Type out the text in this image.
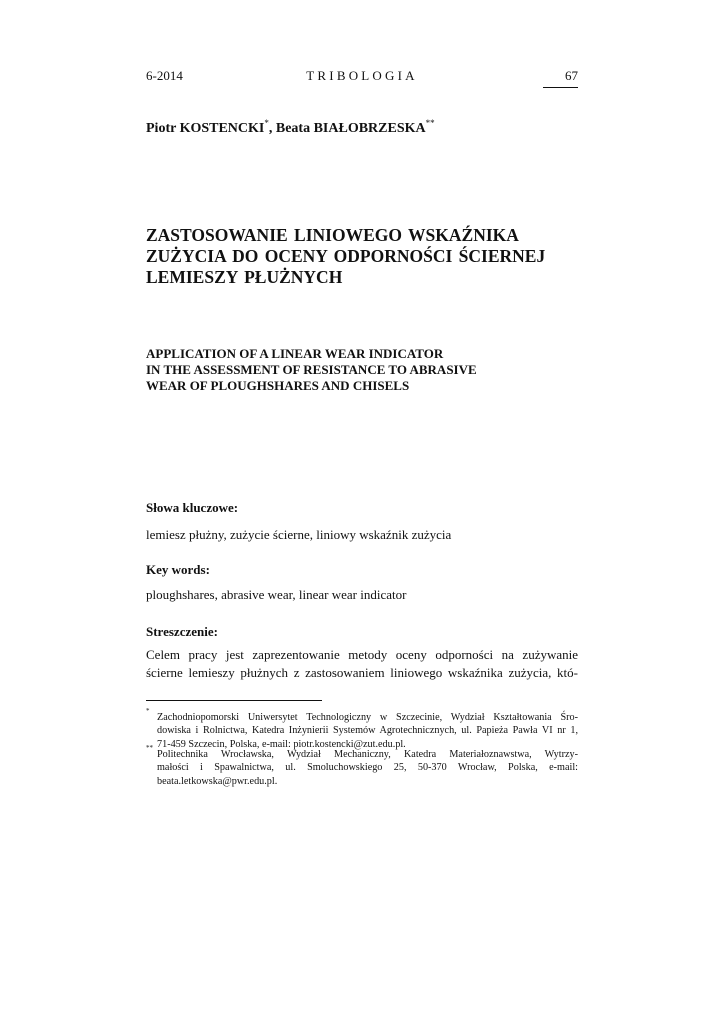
6-2014	TRIBOLOGIA	67
Piotr KOSTENCKI*, Beata BIAŁOBRZESKA**
ZASTOSOWANIE LINIOWEGO WSKAŹNIKA
ZUŻYCIA DO OCENY ODPORNOŚCI ŚCIERNEJ
LEMIESZY PŁUŻNYCH
APPLICATION OF A LINEAR WEAR INDICATOR
IN THE ASSESSMENT OF RESISTANCE TO ABRASIVE
WEAR OF PLOUGHSHARES AND CHISELS
Słowa kluczowe:
lemiesz płużny, zużycie ścierne, liniowy wskaźnik zużycia
Key words:
ploughshares, abrasive wear, linear wear indicator
Streszczenie:
Celem pracy jest zaprezentowanie metody oceny odporności na zużywanie
ścierne lemieszy płużnych z zastosowaniem liniowego wskaźnika zużycia, któ-
*
Zachodniopomorski Uniwersytet Technologiczny w Szczecinie, Wydział Kształtowania Śro-
dowiska i Rolnictwa, Katedra Inżynierii Systemów Agrotechnicznych, ul. Papieża Pawła VI nr 1,
71-459 Szczecin, Polska, e-mail: piotr.kostencki@zut.edu.pl.
**
Politechnika Wrocławska, Wydział Mechaniczny, Katedra Materiałoznawstwa, Wytrzy-
małości i Spawalnictwa, ul. Smoluchowskiego 25, 50-370 Wrocław, Polska, e-mail:
beata.letkowska@pwr.edu.pl.
